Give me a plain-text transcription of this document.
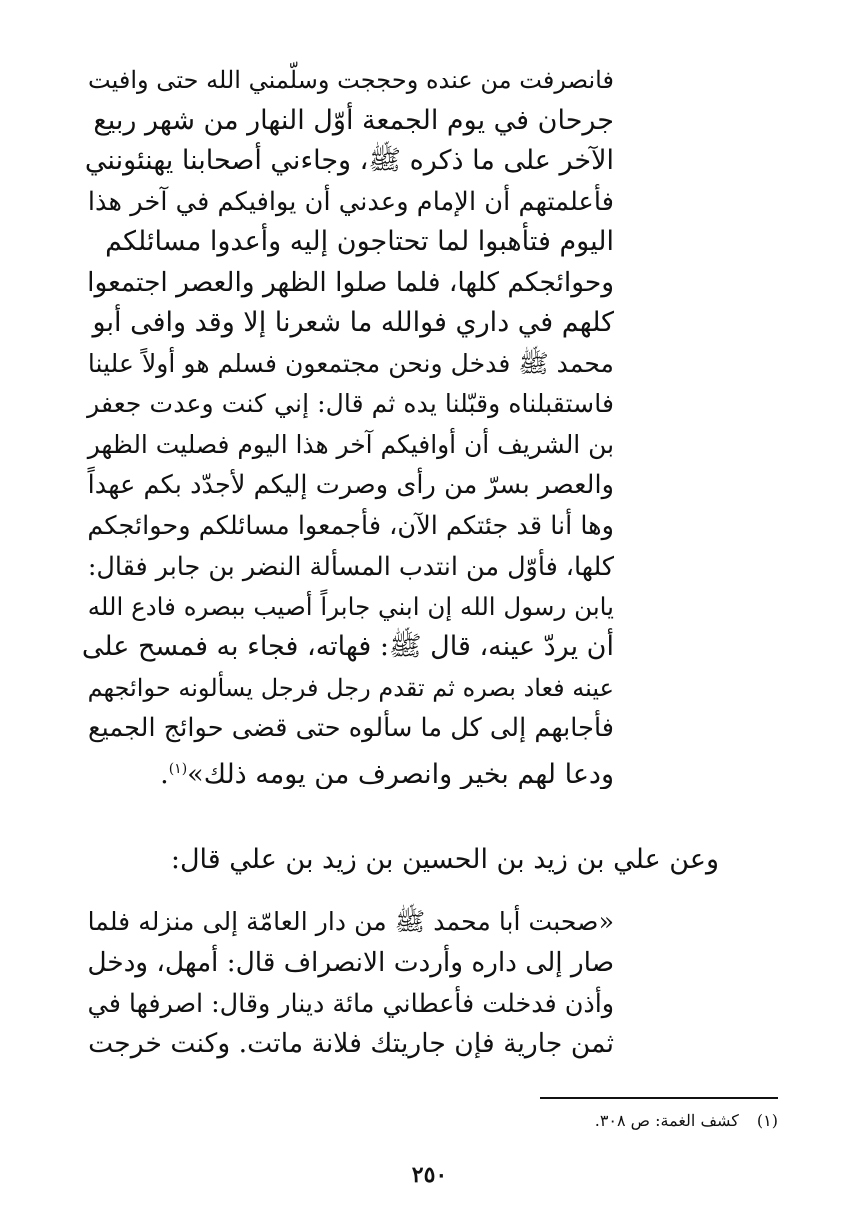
فانصرفت من عنده وحججت وسلّمني الله حتى وافيت
جرحان في يوم الجمعة أوّل النهار من شهر ربيع
الآخر على ما ذكره ﷺ، وجاءني أصحابنا يهنئونني
فأعلمتهم أن الإمام وعدني أن يوافيكم في آخر هذا
اليوم فتأهبوا لما تحتاجون إليه وأعدوا مسائلكم
وحوائجكم كلها، فلما صلوا الظهر والعصر اجتمعوا
كلهم في داري فوالله ما شعرنا إلا وقد وافى أبو
محمد ﷺ فدخل ونحن مجتمعون فسلم هو أولاً علينا
فاستقبلناه وقبّلنا يده ثم قال: إني كنت وعدت جعفر
بن الشريف أن أوافيكم آخر هذا اليوم فصليت الظهر
والعصر بسرّ من رأى وصرت إليكم لأجدّد بكم عهداً
وها أنا قد جئتكم الآن، فأجمعوا مسائلكم وحوائجكم
كلها، فأوّل من انتدب المسألة النضر بن جابر فقال:
يابن رسول الله إن ابني جابراً أصيب ببصره فادع الله
أن يردّ عينه، قال ﷺ: فهاته، فجاء به فمسح على
عينه فعاد بصره ثم تقدم رجل فرجل يسألونه حوائجهم
فأجابهم إلى كل ما سألوه حتى قضى حوائج الجميع
ودعا لهم بخير وانصرف من يومه ذلك»$^{(١)}$.
وعن علي بن زيد بن الحسين بن زيد بن علي قال:
«صحبت أبا محمد ﷺ من دار العامّة إلى منزله فلما
صار إلى داره وأردت الانصراف قال: أمهل، ودخل
وأذن فدخلت فأعطاني مائة دينار وقال: اصرفها في
ثمن جارية فإن جاريتك فلانة ماتت. وكنت خرجت
(١)كشف الغمة: ص ٣٠٨.
٢٥٠
